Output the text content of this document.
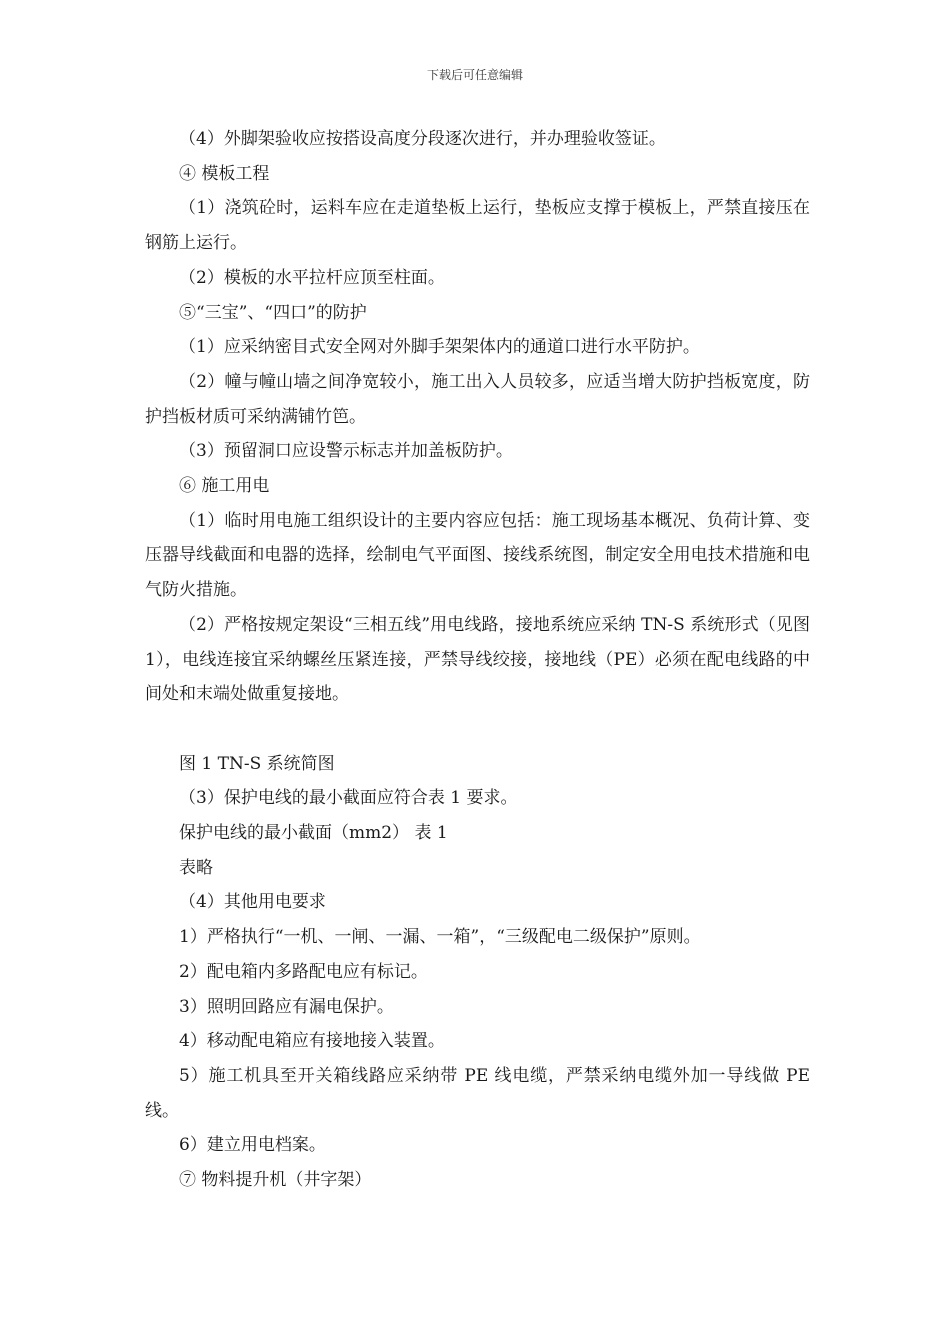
下载后可任意编辑

（4）外脚架验收应按搭设高度分段逐次进行，并办理验收签证。

④ 模板工程

（1）浇筑砼时，运料车应在走道垫板上运行，垫板应支撑于模板上，严禁直接压在钢筋上运行。

（2）模板的水平拉杆应顶至柱面。

⑤“三宝”、“四口”的防护

（1）应采纳密目式安全网对外脚手架架体内的通道口进行水平防护。

（2）幢与幢山墙之间净宽较小，施工出入人员较多，应适当增大防护挡板宽度，防护挡板材质可采纳满铺竹笆。

（3）预留洞口应设警示标志并加盖板防护。

⑥ 施工用电

（1）临时用电施工组织设计的主要内容应包括：施工现场基本概况、负荷计算、变压器导线截面和电器的选择，绘制电气平面图、接线系统图，制定安全用电技术措施和电气防火措施。

（2）严格按规定架设“三相五线”用电线路，接地系统应采纳 TN-S 系统形式（见图 1），电线连接宜采纳螺丝压紧连接，严禁导线绞接，接地线（PE）必须在配电线路的中间处和末端处做重复接地。

图 1 TN-S 系统简图

（3）保护电线的最小截面应符合表 1 要求。

保护电线的最小截面（mm2） 表 1

表略

（4）其他用电要求

1）严格执行“一机、一闸、一漏、一箱”，“三级配电二级保护”原则。

2）配电箱内多路配电应有标记。

3）照明回路应有漏电保护。

4）移动配电箱应有接地接入装置。

5）施工机具至开关箱线路应采纳带 PE 线电缆，严禁采纳电缆外加一导线做 PE 线。

6）建立用电档案。

⑦ 物料提升机（井字架）
